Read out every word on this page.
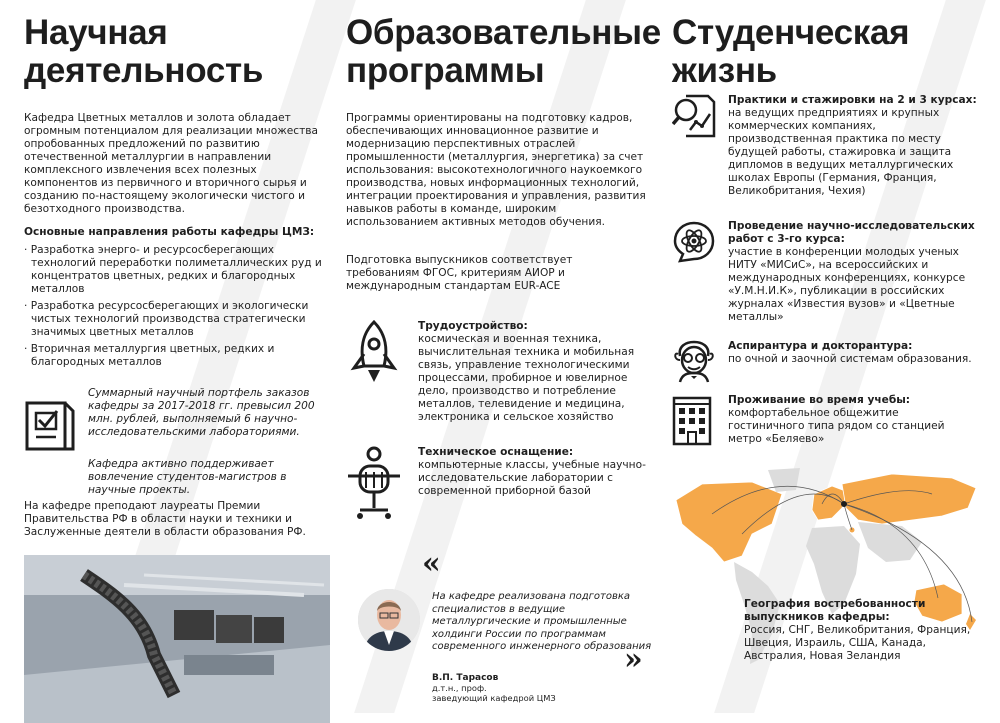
Научная
деятельность

Кафедра Цветных металлов и золота обладает огромным потенциалом для реализации множества опробованных предложений по развитию отечественной металлургии в направлении комплексного извлечения всех полезных компонентов из первичного и вторичного сырья и созданию по-настоящему экологически чистого и безотходного производства.

Основные направления работы кафедры ЦМЗ:

· Разработка энерго- и ресурсосберегающих технологий переработки полиметаллических руд и концентратов цветных, редких и благородных металлов

· Разработка ресурсосберегающих и экологически чистых технологий производства стратегически значимых цветных металлов

· Вторичная металлургия цветных, редких и благородных металлов

Суммарный научный портфель заказов кафедры за 2017-2018 гг. превысил 200 млн. рублей, выполняемый 6 научно-исследовательскими лабораториями.

Кафедра активно поддерживает вовлечение студентов-магистров в научные проекты.

На кафедре преподают лауреаты Премии Правительства РФ в области науки и техники и Заслуженные деятели в области образования РФ.

Образовательные
программы

Программы ориентированы на подготовку кадров, обеспечивающих инновационное развитие и модернизацию перспективных отраслей промышленности (металлургия, энергетика) за счет использования: высокотехнологичного наукоемкого производства, новых информационных технологий, интеграции проектирования и управления, развития навыков работы в команде, широким использованием активных методов обучения.

Подготовка выпускников соответствует требованиям ФГОС, критериям АИОР и международным стандартам EUR-ACE

Трудоустройство:
космическая и военная техника, вычислительная техника и мобильная связь, управление технологическими процессами, пробирное и ювелирное дело, производство и потребление металлов, телевидение и медицина, электроника и сельское хозяйство

Техническое оснащение: компьютерные классы, учебные научно-исследовательские лаборатории с современной приборной базой

«

На кафедре реализована подготовка специалистов в ведущие металлургические и промышленные холдинги России по программам современного инженерного образования

В.П. Тарасов

д.т.н., проф.

заведующий кафедрой ЦМЗ

»
Студенческая
жизнь

Практики и стажировки на 2 и 3 курсах:
на ведущих предприятиях и крупных коммерческих компаниях, производственная практика по месту будущей работы, стажировка и защита дипломов в ведущих металлургических школах Европы (Германия, Франция, Великобритания, Чехия)

Проведение научно-исследовательских работ с 3-го курса:
участие в конференции молодых ученых НИТУ «МИСиС», на всероссийских и международных конференциях, конкурсе «У.М.Н.И.К», публикации в российских журналах «Известия вузов» и «Цветные металлы»

Аспирантура и докторантура:
по очной и заочной системам образования.

Проживание во время учебы:
комфортабельное общежитие гостиничного типа рядом со станцией метро «Беляево»

География востребованности выпускников кафедры:

Россия, СНГ, Великобритания, Франция, Швеция, Израиль, США, Канада, Австралия, Новая Зеландия
